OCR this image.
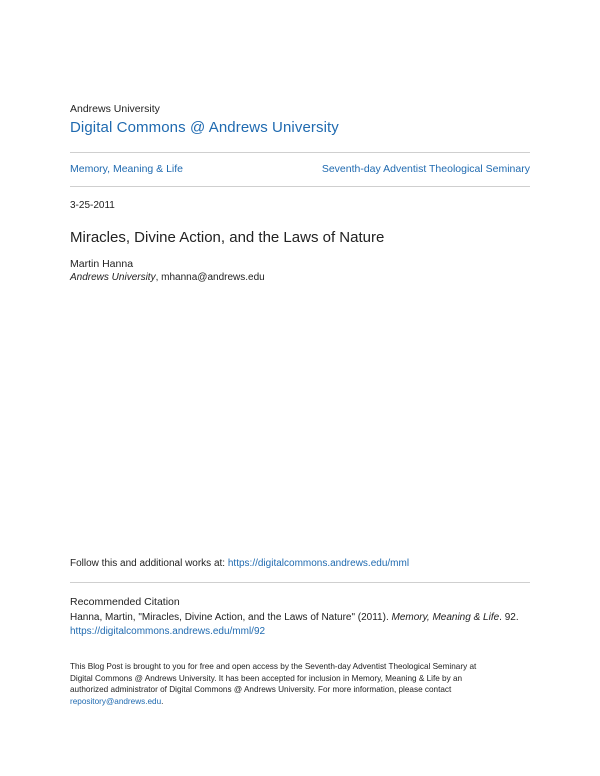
Andrews University
Digital Commons @ Andrews University
Memory, Meaning & Life	Seventh-day Adventist Theological Seminary
3-25-2011
Miracles, Divine Action, and the Laws of Nature
Martin Hanna
Andrews University, mhanna@andrews.edu
Follow this and additional works at: https://digitalcommons.andrews.edu/mml
Recommended Citation
Hanna, Martin, "Miracles, Divine Action, and the Laws of Nature" (2011). Memory, Meaning & Life. 92.
https://digitalcommons.andrews.edu/mml/92
This Blog Post is brought to you for free and open access by the Seventh-day Adventist Theological Seminary at
Digital Commons @ Andrews University. It has been accepted for inclusion in Memory, Meaning & Life by an
authorized administrator of Digital Commons @ Andrews University. For more information, please contact
repository@andrews.edu.
